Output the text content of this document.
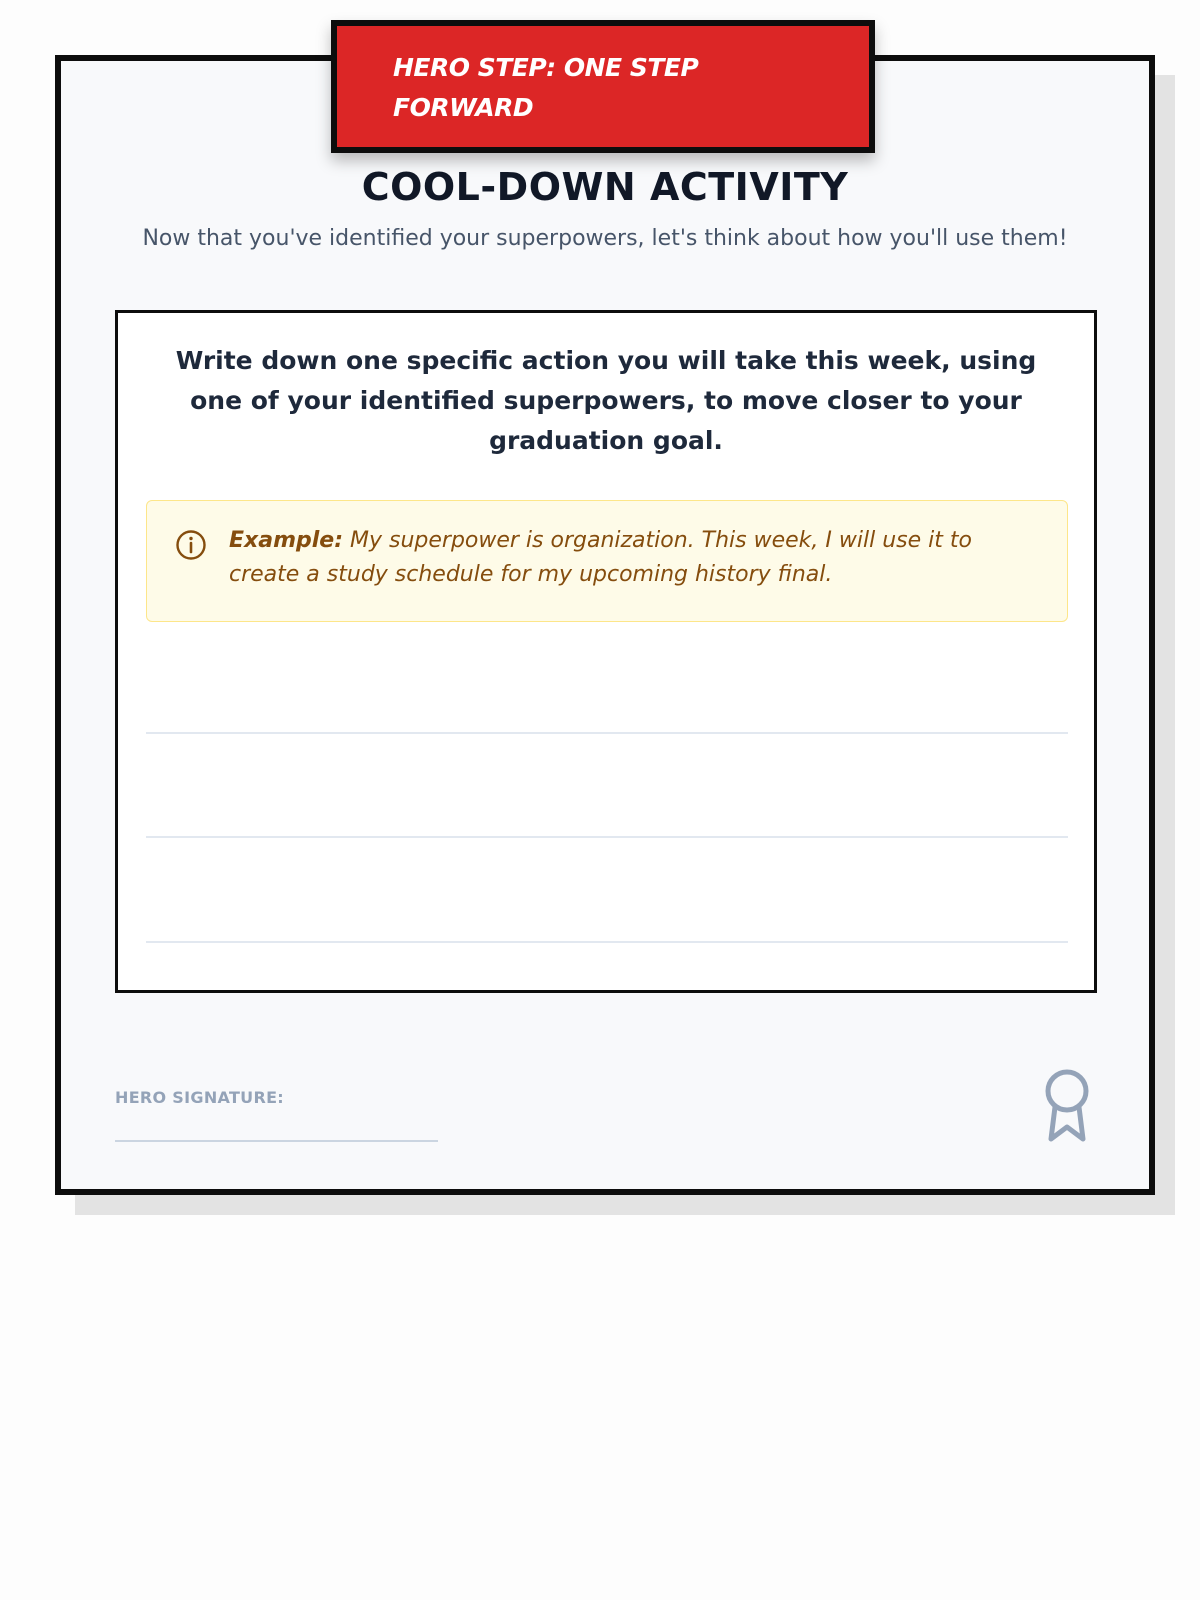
COOL-DOWN ACTIVITY
Now that you've identified your superpowers, let's think about how you'll use them!
Write down one specific action you will take this week, using one of your identified superpowers, to move closer to your graduation goal.
Example: My superpower is organization. This week, I will use it to create a study schedule for my upcoming history final.
HERO SIGNATURE:
HERO STEP: ONE STEP FORWARD
